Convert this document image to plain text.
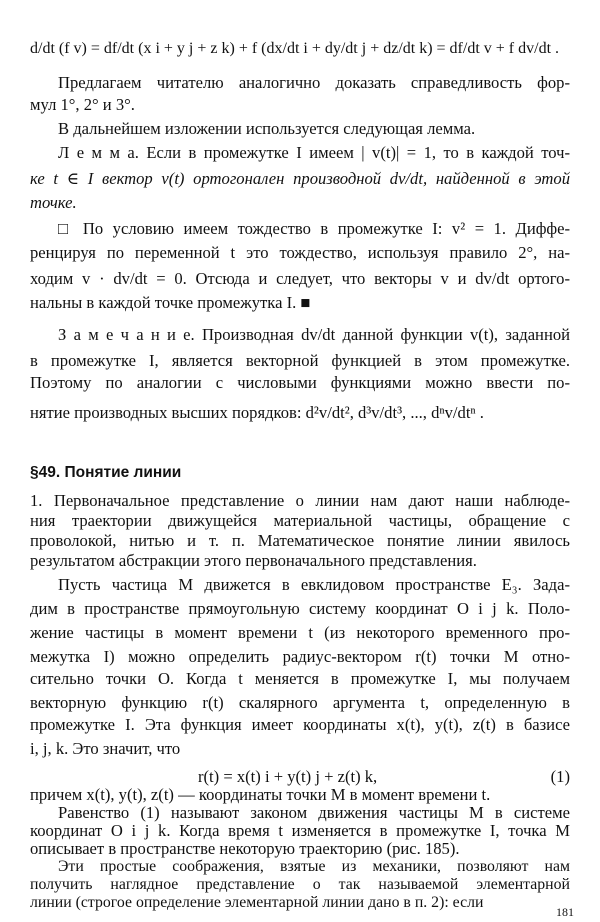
d/dt (f v) = df/dt (x i + y j + z k) + f (dx/dt i + dy/dt j + dz/dt k) = df/dt v + f dv/dt .
Предлагаем читателю аналогично доказать справедливость фор-
мул 1°, 2° и 3°.
В дальнейшем изложении используется следующая лемма.
Л е м м а. Если в промежутке I имеем | v(t)| = 1, то в каждой точ-
ке t ∈ I вектор v(t) ортогонален производной dv/dt, найденной в этой
точке.
□ По условию имеем тождество в промежутке I: v² = 1. Диффе-
ренцируя по переменной t это тождество, используя правило 2°, на-
ходим v · dv/dt = 0. Отсюда и следует, что векторы v и dv/dt ортого-
нальны в каждой точке промежутка I. ■
З а м е ч а н и е. Производная dv/dt данной функции v(t), заданной
в промежутке I, является векторной функцией в этом промежутке.
Поэтому по аналогии с числовыми функциями можно ввести по-
нятие производных высших порядков: d²v/dt², d³v/dt³, ..., dⁿv/dtⁿ .
§49. Понятие линии
1. Первоначальное представление о линии нам дают наши наблюде-
ния траектории движущейся материальной частицы, обращение с
проволокой, нитью и т. п. Математическое понятие линии явилось
результатом абстракции этого первоначального представления.
Пусть частица M движется в евклидовом пространстве E₃. Зада-
дим в пространстве прямоугольную систему координат O i j k. Поло-
жение частицы в момент времени t (из некоторого временного про-
межутка I) можно определить радиус-вектором r(t) точки M отно-
сительно точки O. Когда t меняется в промежутке I, мы получаем
векторную функцию r(t) скалярного аргумента t, определенную в
промежутке I. Эта функция имеет координаты x(t), y(t), z(t) в базисе
i, j, k. Это значит, что
r(t) = x(t) i + y(t) j + z(t) k,	(1)
причем x(t), y(t), z(t) — координаты точки M в момент времени t.
Равенство (1) называют законом движения частицы M в системе
координат O i j k. Когда время t изменяется в промежутке I, точка M
описывает в пространстве некоторую траекторию (рис. 185).
Эти простые соображения, взятые из механики, позволяют нам
получить наглядное представление о так называемой элементарной
линии (строгое определение элементарной линии дано в п. 2): если
181
